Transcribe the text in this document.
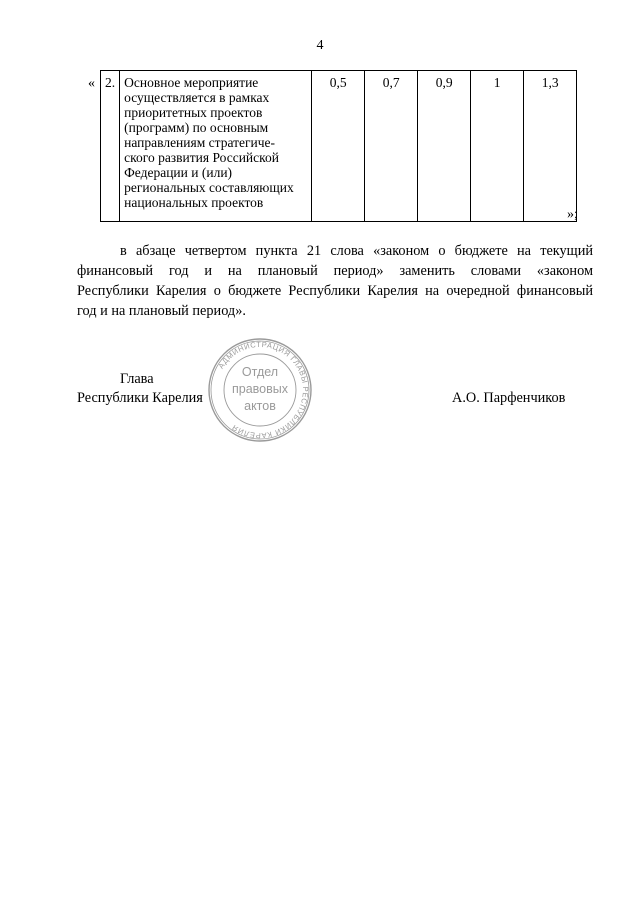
4
« 2.	Основное мероприятие
осуществляется в рамках
приоритетных проектов
(программ) по основным
направлениям стратегиче-
ского развития Российской
Федерации и (или)
региональных составляющих
национальных проектов
	0,5	0,7	0,9	1	1,3
»;
в абзаце четвертом пункта 21 слова «законом о бюджете на текущий
финансовый год и на плановый период» заменить словами «законом
Республики Карелия о бюджете Республики Карелия на очередной финансовый
год и на плановый период».
Глава
Республики Карелия	А.О. Парфенчиков
АДМИНИСТРАЦИЯ ГЛАВЫ РЕСПУБЛИКИ КАРЕЛИЯ
Отдел
правовых
актов
